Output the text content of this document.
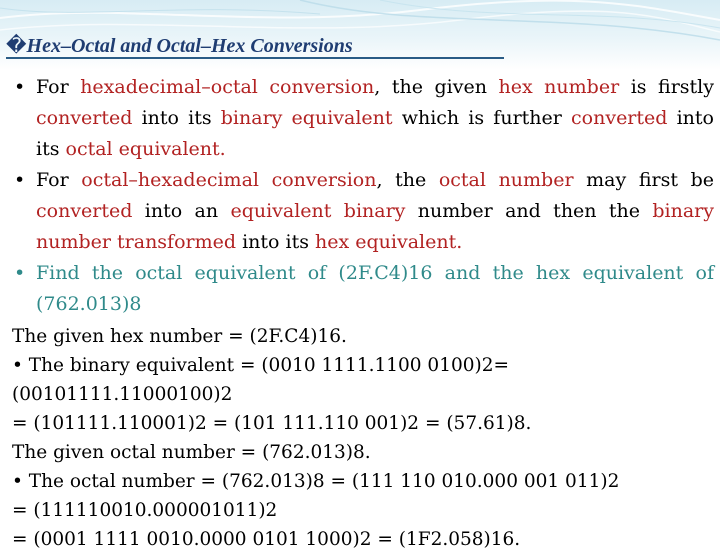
�Hex–Octal and Octal–Hex Conversions
• For hexadecimal–octal conversion, the given hex number is firstly converted into its binary equivalent which is further converted into its octal equivalent.
• For octal–hexadecimal conversion, the octal number may first be converted into an equivalent binary number and then the binary number transformed into its hex equivalent.
• Find the octal equivalent of (2F.C4)16 and the hex equivalent of (762.013)8
The given hex number = (2F.C4)16.
• The binary equivalent = (0010 1111.1100 0100)2= (00101111.11000100)2
= (101111.110001)2 = (101 111.110 001)2 = (57.61)8.
The given octal number = (762.013)8.
• The octal number = (762.013)8 = (111 110 010.000 001 011)2
= (111110010.000001011)2
= (0001 1111 0010.0000 0101 1000)2 = (1F2.058)16.
